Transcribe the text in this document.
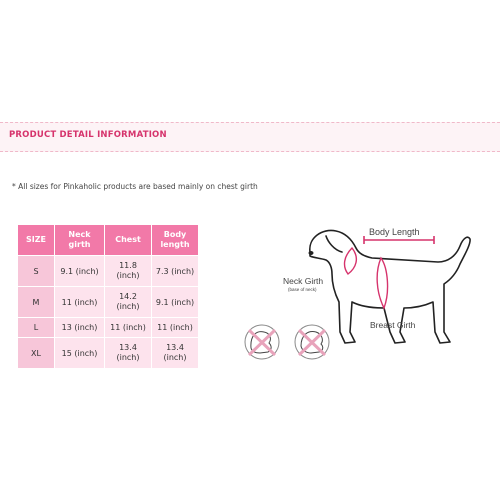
PRODUCT DETAIL INFORMATION
* All sizes for Pinkaholic products are based mainly on chest girth
SIZE	Neck girth	Chest	Body length

S	9.1 (inch)	11.8 (inch)	7.3 (inch)
M	11 (inch)	14.2 (inch)	9.1 (inch)
L	13 (inch)	11 (inch)	11 (inch)
XL	15 (inch)	13.4 (inch)	13.4 (inch)
Body Length
Neck Girth
(base of neck)
Breast Girth
